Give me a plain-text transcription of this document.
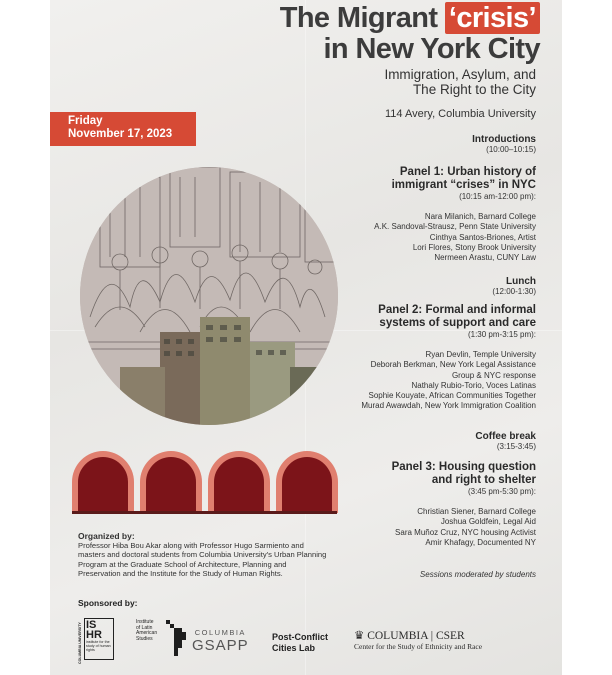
The Migrant ‘crisis’
in New York City
Immigration, Asylum, and
The Right to the City
114 Avery, Columbia University
Friday
November 17, 2023	Introductions
(10:00–10:15)
Panel 1: Urban history of
immigrant “crises” in NYC
(10:15 am-12:00 pm):
Nara Milanich, Barnard College
A.K. Sandoval-Strausz, Penn State University
Cinthya Santos-Briones, Artist
Lori Flores, Stony Brook University
Nermeen Arastu, CUNY Law
Lunch
(12:00-1:30)
Panel 2: Formal and informal
systems of support and care
(1:30 pm-3:15 pm):
Ryan Devlin, Temple University
Deborah Berkman, New York Legal Assistance
Group & NYC response
Nathaly Rubio-Torio, Voces Latinas
Sophie Kouyate, African Communities Together
Murad Awawdah, New York Immigration Coalition
Coffee break
(3:15-3:45)
Panel 3: Housing question
and right to shelter
(3:45 pm-5:30 pm):
Christian Siener, Barnard College
Joshua Goldfein, Legal Aid
Sara Muñoz Cruz, NYC housing Activist
Amir Khafagy, Documented NY
Sessions moderated by students
Organized by:
Professor Hiba Bou Akar along with Professor Hugo Sarmiento and masters and doctoral students from Columbia University's Urban Planning Program at the Graduate School of Architecture, Planning and Preservation and the Institute for the Study of Human Rights.
Sponsored by:
COLUMBIA UNIVERSITY IS
HR
institute for the study of human rights
Institute
of Latin
American
Studies
COLUMBIA
GSAPP	Post-Conflict
Cities Lab
♛ COLUMBIA | CSER
Center for the Study of Ethnicity and Race
